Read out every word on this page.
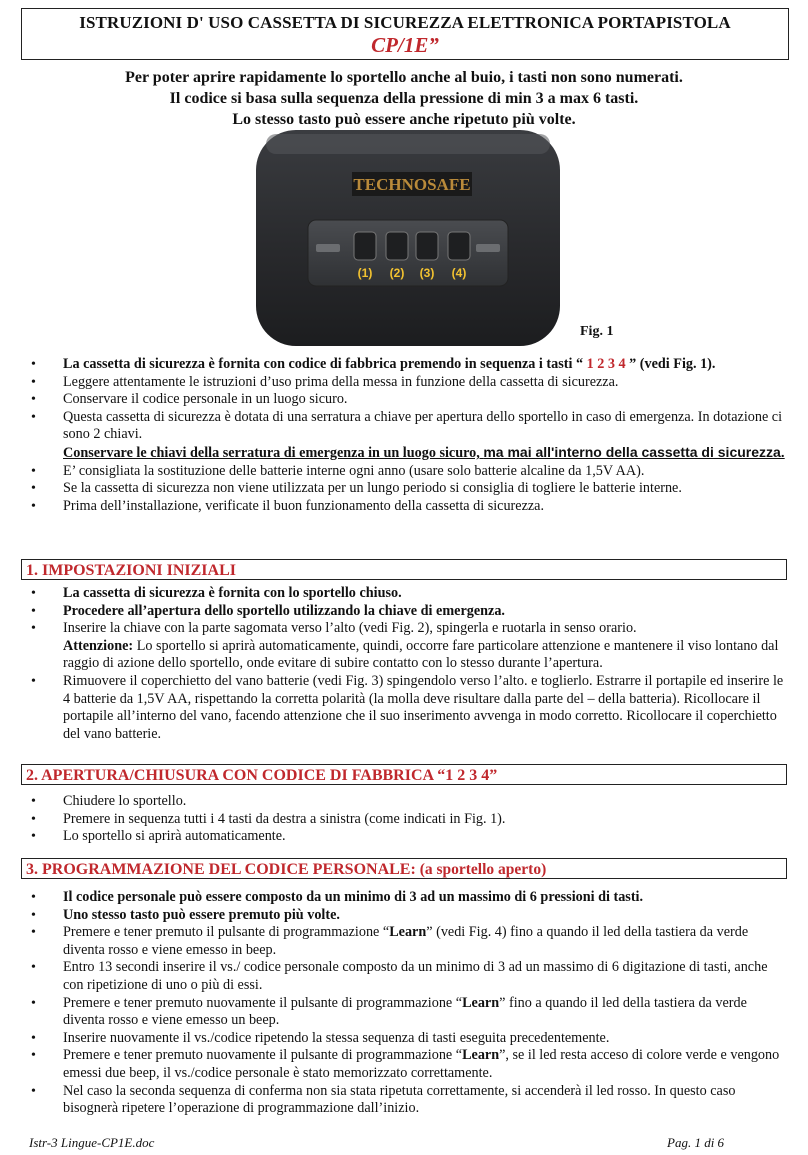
ISTRUZIONI D' USO CASSETTA DI SICUREZZA ELETTRONICA PORTAPISTOLA
CP/1E”
Per poter aprire rapidamente lo sportello anche al buio, i tasti non sono numerati.
Il codice si basa sulla sequenza della pressione di min 3 a max 6 tasti.
Lo stesso tasto può essere anche ripetuto più volte.
TECHNOSAFE
(1) (2) (3) (4)
Fig. 1
• La cassetta di sicurezza è fornita con codice di fabbrica premendo in sequenza i tasti “ 1 2 3 4 ” (vedi Fig. 1).
• Leggere attentamente le istruzioni d’uso prima della messa in funzione della cassetta di sicurezza.
• Conservare il codice personale in un luogo sicuro.
• Questa cassetta di sicurezza è dotata di una serratura a chiave per apertura dello sportello in caso di emergenza. In dotazione ci sono 2 chiavi.
Conservare le chiavi della serratura di emergenza in un luogo sicuro, ma mai all'interno della cassetta di sicurezza.
• E’ consigliata la sostituzione delle batterie interne ogni anno (usare solo batterie alcaline da 1,5V AA).
• Se la cassetta di sicurezza non viene utilizzata per un lungo periodo si consiglia di togliere le batterie interne.
• Prima dell’installazione, verificate il buon funzionamento della cassetta di sicurezza.
1. IMPOSTAZIONI INIZIALI
• La cassetta di sicurezza è fornita con lo sportello chiuso.
• Procedere all’apertura dello sportello utilizzando la chiave di emergenza.
• Inserire la chiave con la parte sagomata verso l’alto (vedi Fig. 2), spingerla e ruotarla in senso orario.
Attenzione: Lo sportello si aprirà automaticamente, quindi, occorre fare particolare attenzione e mantenere il viso lontano dal raggio di azione dello sportello, onde evitare di subire contatto con lo stesso durante l’apertura.
• Rimuovere il coperchietto del vano batterie (vedi Fig. 3) spingendolo verso l’alto. e toglierlo. Estrarre il portapile ed inserire le 4 batterie da 1,5V AA, rispettando la corretta polarità (la molla deve risultare dalla parte del – della batteria). Ricollocare il portapile all’interno del vano, facendo attenzione che il suo inserimento avvenga in modo corretto. Ricollocare il coperchietto del vano batterie.
2. APERTURA/CHIUSURA CON CODICE DI FABBRICA “1 2 3 4”
• Chiudere lo sportello.
• Premere in sequenza tutti i 4 tasti da destra a sinistra (come indicati in Fig. 1).
• Lo sportello si aprirà automaticamente.
3. PROGRAMMAZIONE DEL CODICE PERSONALE: (a sportello aperto)
• Il codice personale può essere composto da un minimo di 3 ad un massimo di 6 pressioni di tasti.
• Uno stesso tasto può essere premuto più volte.
• Premere e tener premuto il pulsante di programmazione “Learn” (vedi Fig. 4) fino a quando il led della tastiera da verde diventa rosso e viene emesso in beep.
• Entro 13 secondi inserire il vs./ codice personale composto da un minimo di 3 ad un massimo di 6 digitazione di tasti, anche con ripetizione di uno o più di essi.
• Premere e tener premuto nuovamente il pulsante di programmazione “Learn” fino a quando il led della tastiera da verde diventa rosso e viene emesso un beep.
• Inserire nuovamente il vs./codice ripetendo la stessa sequenza di tasti eseguita precedentemente.
• Premere e tener premuto nuovamente il pulsante di programmazione “Learn”, se il led resta acceso di colore verde e vengono emessi due beep, il vs./codice personale è stato memorizzato correttamente.
• Nel caso la seconda sequenza di conferma non sia stata ripetuta correttamente, si accenderà il led rosso. In questo caso bisognerà ripetere l’operazione di programmazione dall’inizio.
Istr-3 Lingue-CP1E.doc	Pag. 1 di 6
